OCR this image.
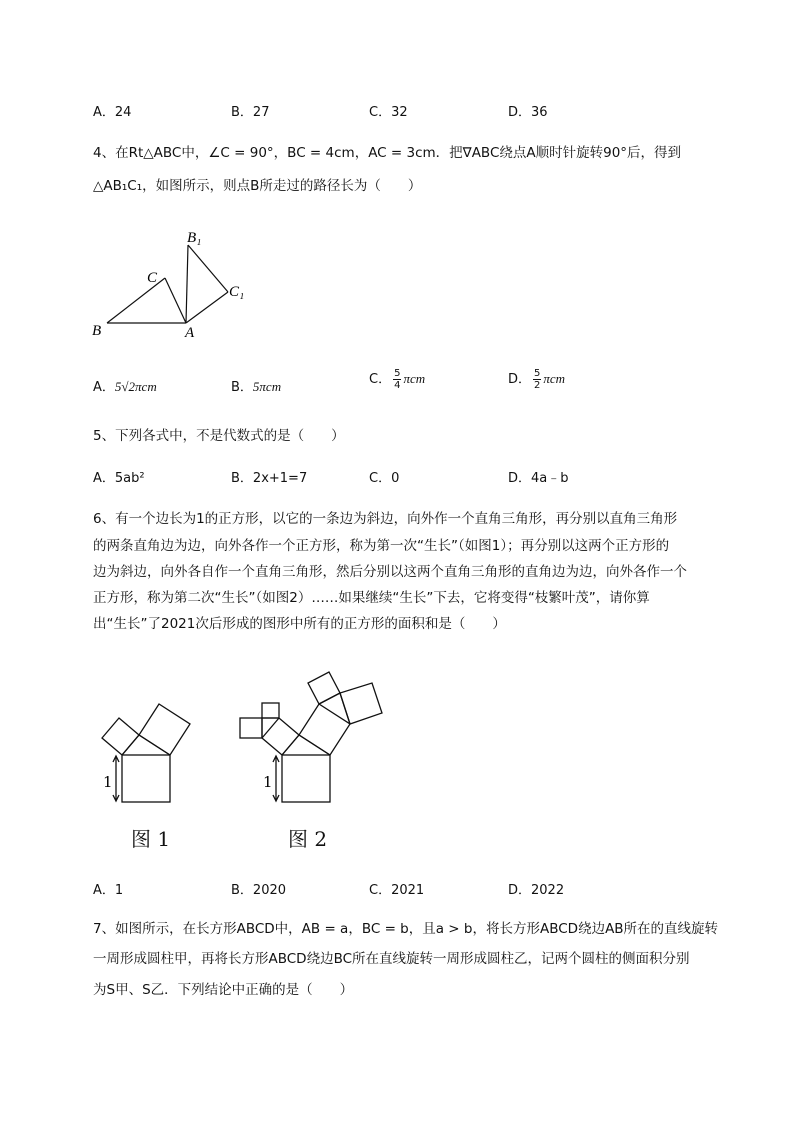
A．24	B．27	C．32	D．36
4、在Rt△ABC中，∠C = 90°，BC = 4cm，AC = 3cm．把∇ABC绕点A顺时针旋转90°后，得到
△AB₁C₁，如图所示，则点B所走过的路径长为（　　）
B₁
C
C₁
B	A
A．5√2πcm	B．5πcm	C． $\frac{5}{4}$ πcm	D． $\frac{5}{2}$ πcm
5、下列各式中，不是代数式的是（　　）
A．5ab²	B．2x+1=7	C．0	D．4a﹣b
6、有一个边长为1的正方形，以它的一条边为斜边，向外作一个直角三角形，再分别以直角三角形
的两条直角边为边，向外各作一个正方形，称为第一次“生长”（如图1）；再分别以这两个正方形的
边为斜边，向外各自作一个直角三角形，然后分别以这两个直角三角形的直角边为边，向外各作一个
正方形，称为第二次“生长”（如图2）……如果继续“生长”下去，它将变得“枝繁叶茂”，请你算
出“生长”了2021次后形成的图形中所有的正方形的面积和是（　　）
1
图 1
1
图 2
A．1	B．2020	C．2021	D．2022
7、如图所示，在长方形ABCD中，AB = a，BC = b，且a > b，将长方形ABCD绕边AB所在的直线旋转
一周形成圆柱甲，再将长方形ABCD绕边BC所在直线旋转一周形成圆柱乙，记两个圆柱的侧面积分别
为S甲、S乙．下列结论中正确的是（　　）
